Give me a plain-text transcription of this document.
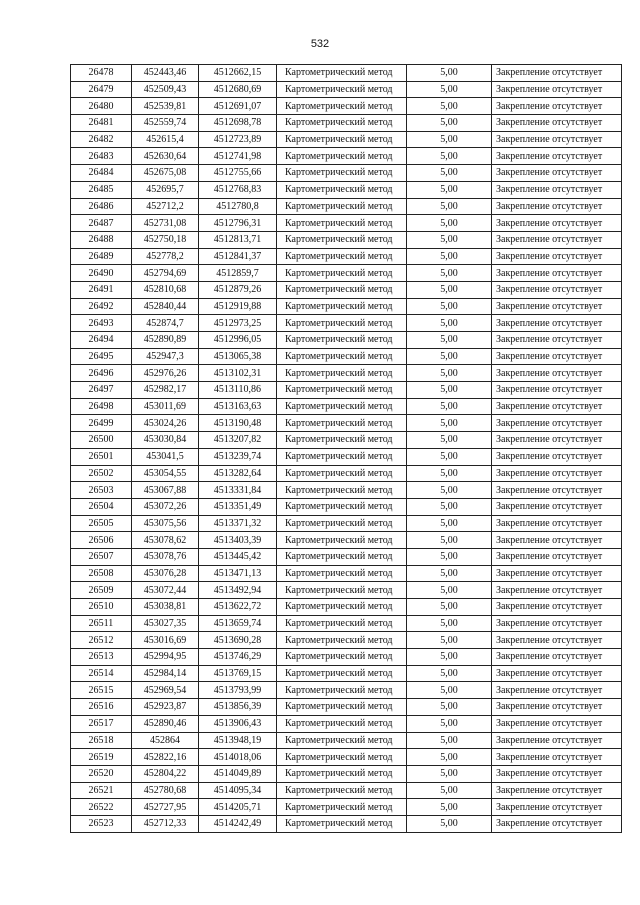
532
26478	452443,46	4512662,15	Картометрический метод	5,00	Закрепление отсутствует
26479	452509,43	4512680,69	Картометрический метод	5,00	Закрепление отсутствует
26480	452539,81	4512691,07	Картометрический метод	5,00	Закрепление отсутствует
26481	452559,74	4512698,78	Картометрический метод	5,00	Закрепление отсутствует
26482	452615,4	4512723,89	Картометрический метод	5,00	Закрепление отсутствует
26483	452630,64	4512741,98	Картометрический метод	5,00	Закрепление отсутствует
26484	452675,08	4512755,66	Картометрический метод	5,00	Закрепление отсутствует
26485	452695,7	4512768,83	Картометрический метод	5,00	Закрепление отсутствует
26486	452712,2	4512780,8	Картометрический метод	5,00	Закрепление отсутствует
26487	452731,08	4512796,31	Картометрический метод	5,00	Закрепление отсутствует
26488	452750,18	4512813,71	Картометрический метод	5,00	Закрепление отсутствует
26489	452778,2	4512841,37	Картометрический метод	5,00	Закрепление отсутствует
26490	452794,69	4512859,7	Картометрический метод	5,00	Закрепление отсутствует
26491	452810,68	4512879,26	Картометрический метод	5,00	Закрепление отсутствует
26492	452840,44	4512919,88	Картометрический метод	5,00	Закрепление отсутствует
26493	452874,7	4512973,25	Картометрический метод	5,00	Закрепление отсутствует
26494	452890,89	4512996,05	Картометрический метод	5,00	Закрепление отсутствует
26495	452947,3	4513065,38	Картометрический метод	5,00	Закрепление отсутствует
26496	452976,26	4513102,31	Картометрический метод	5,00	Закрепление отсутствует
26497	452982,17	4513110,86	Картометрический метод	5,00	Закрепление отсутствует
26498	453011,69	4513163,63	Картометрический метод	5,00	Закрепление отсутствует
26499	453024,26	4513190,48	Картометрический метод	5,00	Закрепление отсутствует
26500	453030,84	4513207,82	Картометрический метод	5,00	Закрепление отсутствует
26501	453041,5	4513239,74	Картометрический метод	5,00	Закрепление отсутствует
26502	453054,55	4513282,64	Картометрический метод	5,00	Закрепление отсутствует
26503	453067,88	4513331,84	Картометрический метод	5,00	Закрепление отсутствует
26504	453072,26	4513351,49	Картометрический метод	5,00	Закрепление отсутствует
26505	453075,56	4513371,32	Картометрический метод	5,00	Закрепление отсутствует
26506	453078,62	4513403,39	Картометрический метод	5,00	Закрепление отсутствует
26507	453078,76	4513445,42	Картометрический метод	5,00	Закрепление отсутствует
26508	453076,28	4513471,13	Картометрический метод	5,00	Закрепление отсутствует
26509	453072,44	4513492,94	Картометрический метод	5,00	Закрепление отсутствует
26510	453038,81	4513622,72	Картометрический метод	5,00	Закрепление отсутствует
26511	453027,35	4513659,74	Картометрический метод	5,00	Закрепление отсутствует
26512	453016,69	4513690,28	Картометрический метод	5,00	Закрепление отсутствует
26513	452994,95	4513746,29	Картометрический метод	5,00	Закрепление отсутствует
26514	452984,14	4513769,15	Картометрический метод	5,00	Закрепление отсутствует
26515	452969,54	4513793,99	Картометрический метод	5,00	Закрепление отсутствует
26516	452923,87	4513856,39	Картометрический метод	5,00	Закрепление отсутствует
26517	452890,46	4513906,43	Картометрический метод	5,00	Закрепление отсутствует
26518	452864	4513948,19	Картометрический метод	5,00	Закрепление отсутствует
26519	452822,16	4514018,06	Картометрический метод	5,00	Закрепление отсутствует
26520	452804,22	4514049,89	Картометрический метод	5,00	Закрепление отсутствует
26521	452780,68	4514095,34	Картометрический метод	5,00	Закрепление отсутствует
26522	452727,95	4514205,71	Картометрический метод	5,00	Закрепление отсутствует
26523	452712,33	4514242,49	Картометрический метод	5,00	Закрепление отсутствует
